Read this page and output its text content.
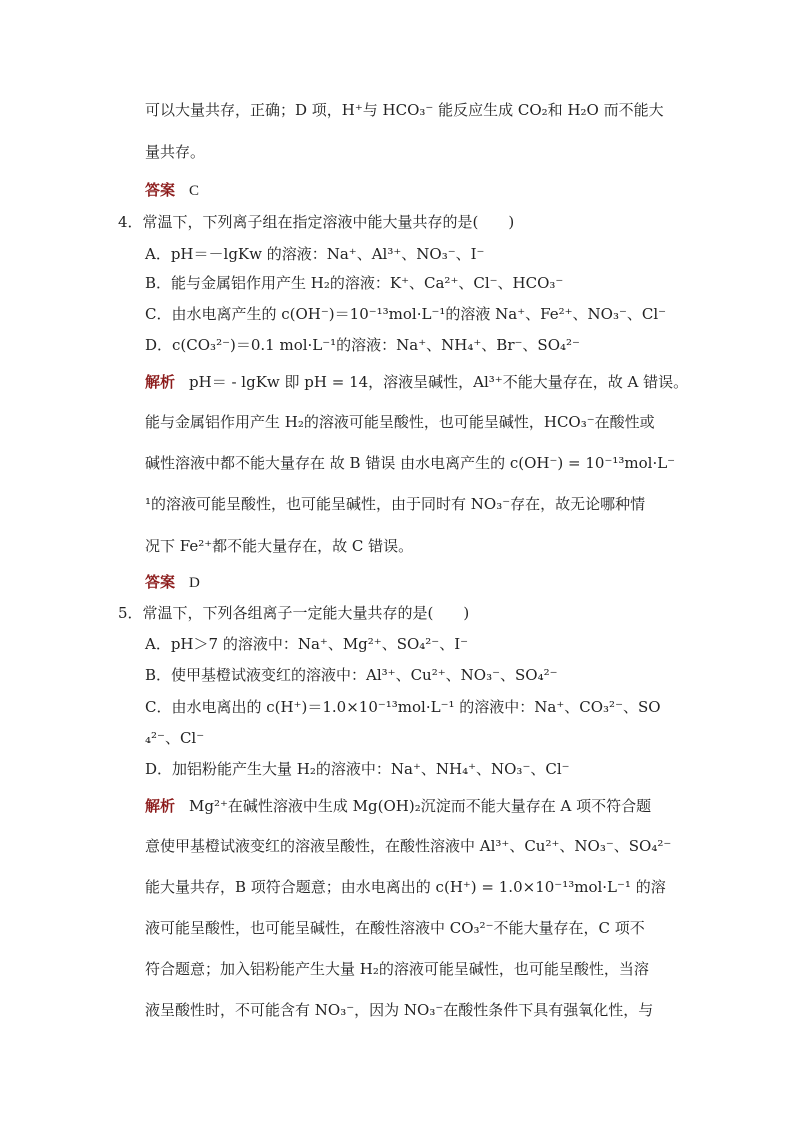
可以大量共存，正确；D 项，H⁺与 HCO₃⁻ 能反应生成 CO₂和 H₂O 而不能大
量共存。
答案 C
4．常温下，下列离子组在指定溶液中能大量共存的是(　　)
A．pH＝－lgKw 的溶液：Na⁺、Al³⁺、NO₃⁻、I⁻
B．能与金属铝作用产生 H₂的溶液：K⁺、Ca²⁺、Cl⁻、HCO₃⁻
C．由水电离产生的 c(OH⁻)＝10⁻¹³mol·L⁻¹的溶液 Na⁺、Fe²⁺、NO₃⁻、Cl⁻
D．c(CO₃²⁻)＝0.1 mol·L⁻¹的溶液：Na⁺、NH₄⁺、Br⁻、SO₄²⁻
解析 pH＝ - lgKw 即 pH = 14，溶液呈碱性，Al³⁺不能大量存在，故 A 错误。
能与金属铝作用产生 H₂的溶液可能呈酸性，也可能呈碱性，HCO₃⁻在酸性或
碱性溶液中都不能大量存在 故 B 错误 由水电离产生的 c(OH⁻) = 10⁻¹³mol·L⁻
¹的溶液可能呈酸性，也可能呈碱性，由于同时有 NO₃⁻存在，故无论哪种情
况下 Fe²⁺都不能大量存在，故 C 错误。
答案 D
5．常温下，下列各组离子一定能大量共存的是(　　)
A．pH＞7 的溶液中：Na⁺、Mg²⁺、SO₄²⁻、I⁻
B．使甲基橙试液变红的溶液中：Al³⁺、Cu²⁺、NO₃⁻、SO₄²⁻
C．由水电离出的 c(H⁺)＝1.0×10⁻¹³mol·L⁻¹ 的溶液中：Na⁺、CO₃²⁻、SO
₄²⁻、Cl⁻
D．加铝粉能产生大量 H₂的溶液中：Na⁺、NH₄⁺、NO₃⁻、Cl⁻
解析 Mg²⁺在碱性溶液中生成 Mg(OH)₂沉淀而不能大量存在 A 项不符合题
意使甲基橙试液变红的溶液呈酸性，在酸性溶液中 Al³⁺、Cu²⁺、NO₃⁻、SO₄²⁻
能大量共存，B 项符合题意；由水电离出的 c(H⁺) = 1.0×10⁻¹³mol·L⁻¹ 的溶
液可能呈酸性，也可能呈碱性，在酸性溶液中 CO₃²⁻不能大量存在，C 项不
符合题意；加入铝粉能产生大量 H₂的溶液可能呈碱性，也可能呈酸性，当溶
液呈酸性时，不可能含有 NO₃⁻，因为 NO₃⁻在酸性条件下具有强氧化性，与
